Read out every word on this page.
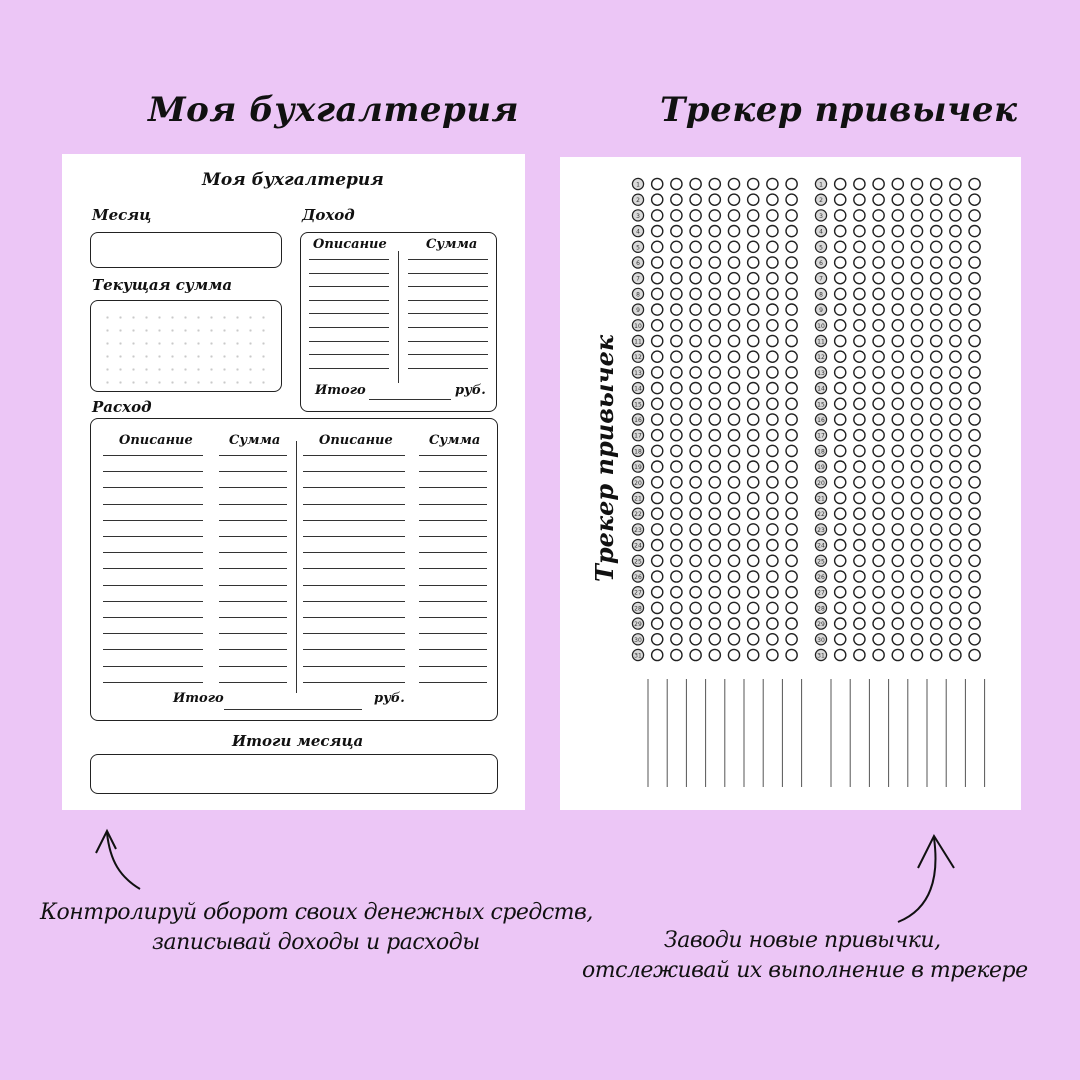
Моя бухгалтерия	Трекер привычек
Моя бухгалтерия
Месяц
Текущая сумма
Доход
Описание	Сумма
Итого	руб.
Расход
Описание	Сумма	Описание	Сумма
Итого	руб.
Итоги месяца
Трекер привычек
1
2
3
4
5
6
7
8
9
10
11
12
13
14
15
16
17
18
19
20
21
22
23
24
25
26
27
28
29
30
31
1
2
3
4
5
6
7
8
9
10
11
12
13
14
15
16
17
18
19
20
21
22
23
24
25
26
27
28
29
30
31
Контролируй оборот своих денежных средств,
записывай доходы и расходы	Заводи новые привычки,
отслеживай их выполнение в трекере
